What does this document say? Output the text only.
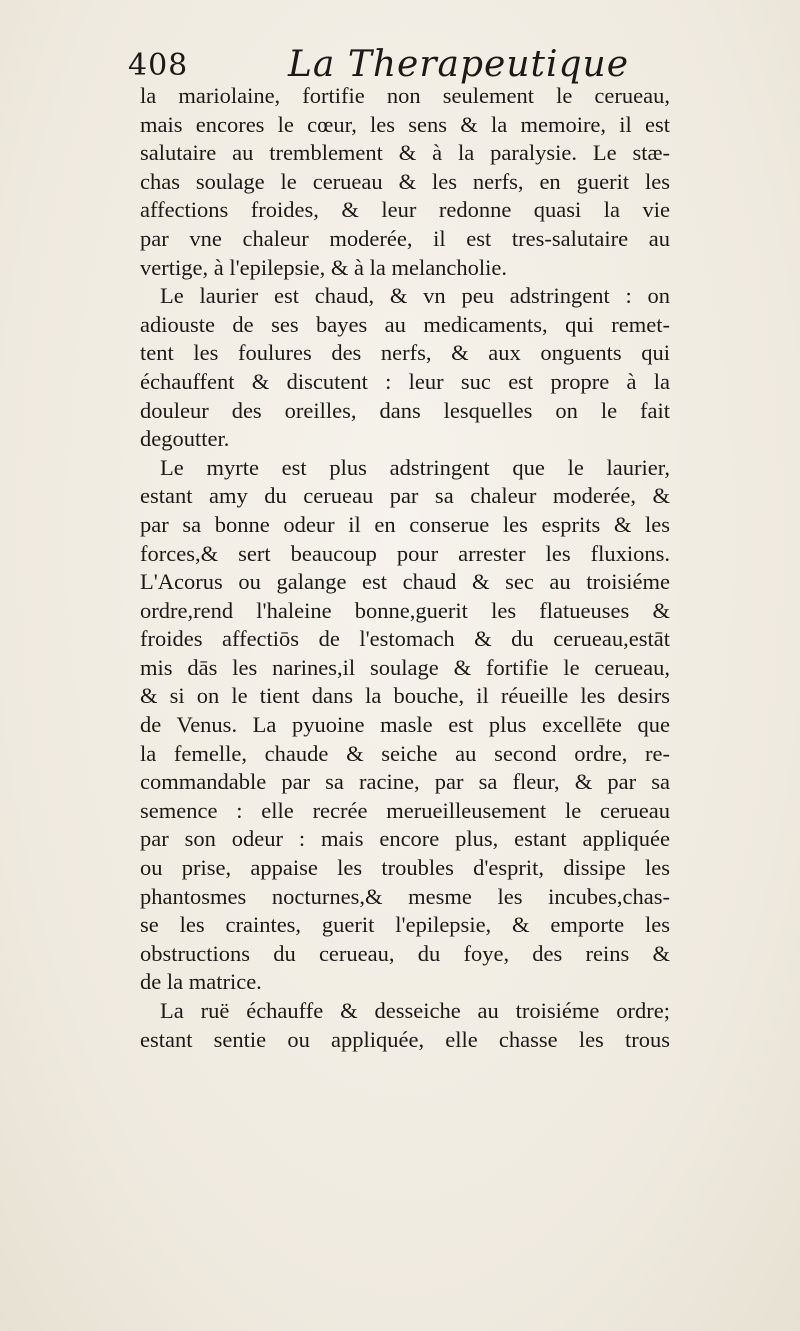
408	La Therapeutique
la mariolaine, fortifie non seulement le cerueau,
mais encores le cœur, les sens & la memoire, il est
salutaire au tremblement & à la paralysie. Le stæ-
chas soulage le cerueau & les nerfs, en guerit les
affections froides, & leur redonne quasi la vie
par vne chaleur moderée, il est tres-salutaire au
vertige, à l'epilepsie, & à la melancholie.
Le laurier est chaud, & vn peu adstringent : on
adiouste de ses bayes au medicaments, qui remet-
tent les foulures des nerfs, & aux onguents qui
échauffent & discutent : leur suc est propre à la
douleur des oreilles, dans lesquelles on le fait
degoutter.
Le myrte est plus adstringent que le laurier,
estant amy du cerueau par sa chaleur moderée, &
par sa bonne odeur il en conserue les esprits & les
forces,& sert beaucoup pour arrester les fluxions.
L'Acorus ou galange est chaud & sec au troisiéme
ordre,rend l'haleine bonne,guerit les flatueuses &
froides affectiōs de l'estomach & du cerueau,estāt
mis dās les narines,il soulage & fortifie le cerueau,
& si on le tient dans la bouche, il réueille les desirs
de Venus. La pyuoine masle est plus excellēte que
la femelle, chaude & seiche au second ordre, re-
commandable par sa racine, par sa fleur, & par sa
semence : elle recrée merueilleusement le cerueau
par son odeur : mais encore plus, estant appliquée
ou prise, appaise les troubles d'esprit, dissipe les
phantosmes nocturnes,& mesme les incubes,chas-
se les craintes, guerit l'epilepsie, & emporte les
obstructions du cerueau, du foye, des reins &
de la matrice.
La ruë échauffe & desseiche au troisiéme ordre;
estant sentie ou appliquée, elle chasse les trous
